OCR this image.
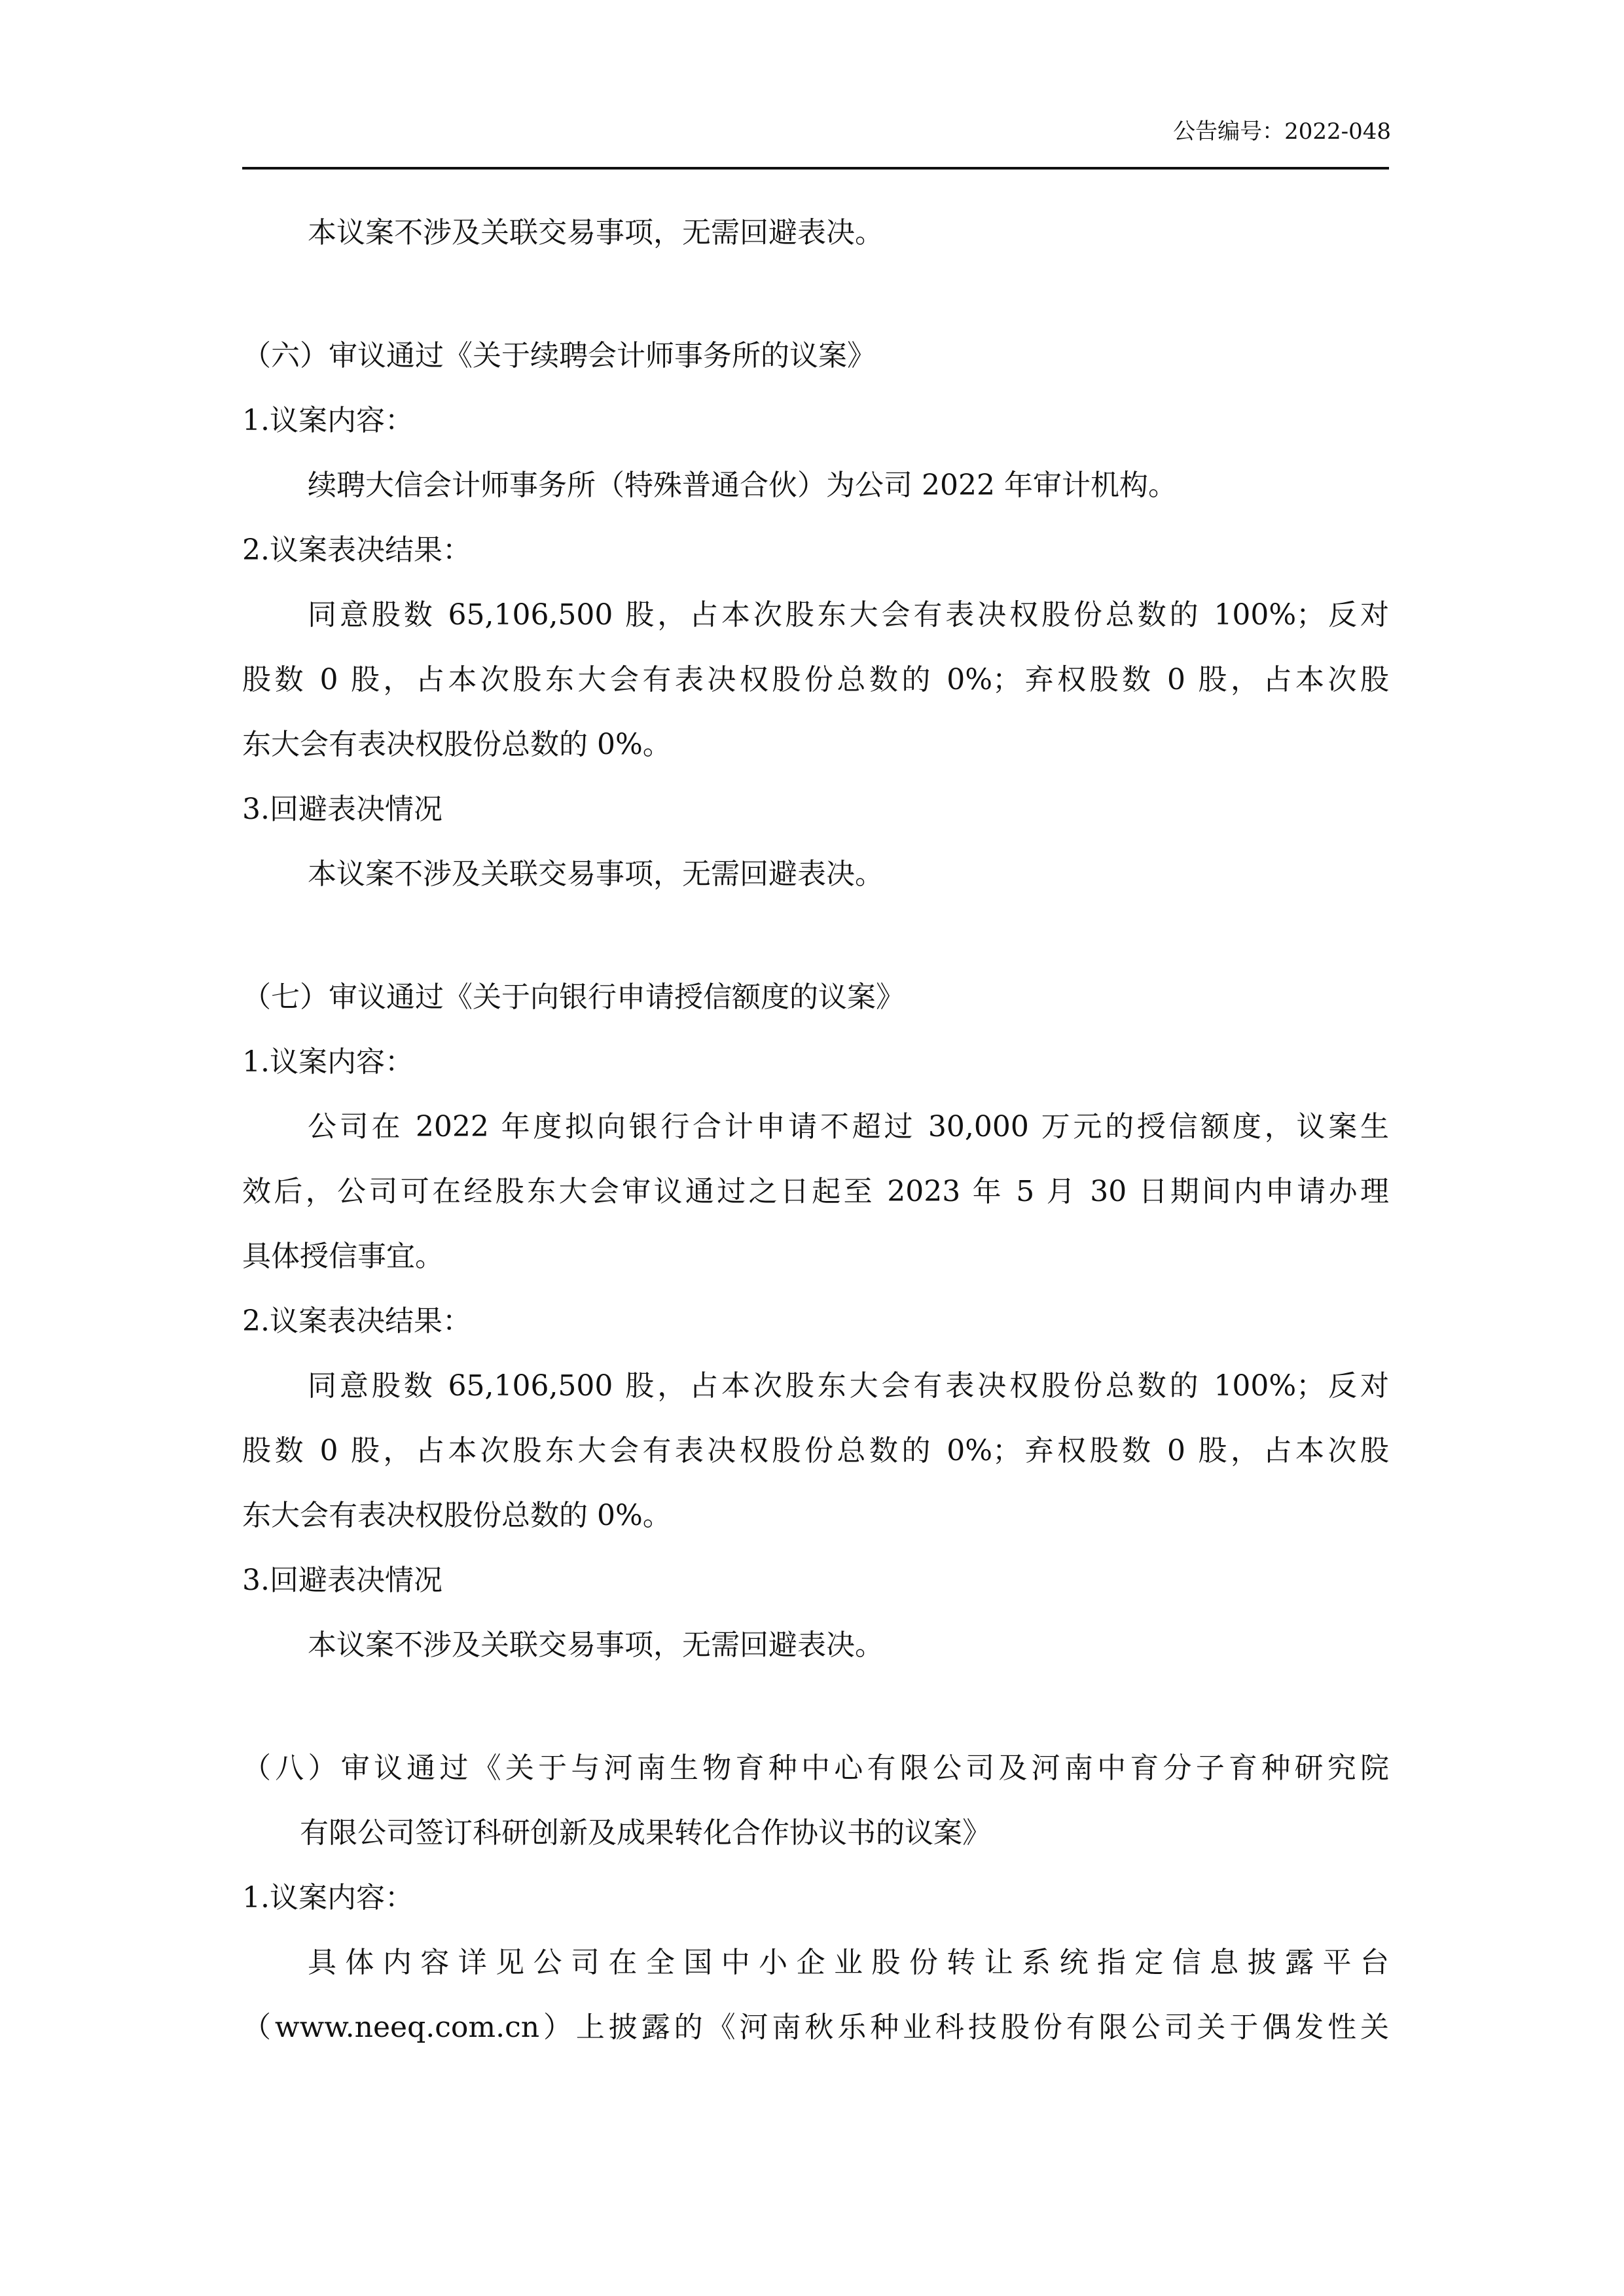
公告编号：2022-048
本议案不涉及关联交易事项，无需回避表决。
（六）审议通过《关于续聘会计师事务所的议案》
1.议案内容：
续聘大信会计师事务所（特殊普通合伙）为公司 2022 年审计机构。
2.议案表决结果：
同意股数 65,106,500 股，占本次股东大会有表决权股份总数的 100%；反对
股数 0 股，占本次股东大会有表决权股份总数的 0%；弃权股数 0 股，占本次股
东大会有表决权股份总数的 0%。
3.回避表决情况
本议案不涉及关联交易事项，无需回避表决。
（七）审议通过《关于向银行申请授信额度的议案》
1.议案内容：
公司在 2022 年度拟向银行合计申请不超过 30,000 万元的授信额度，议案生
效后，公司可在经股东大会审议通过之日起至 2023 年 5 月 30 日期间内申请办理
具体授信事宜。
2.议案表决结果：
同意股数 65,106,500 股，占本次股东大会有表决权股份总数的 100%；反对
股数 0 股，占本次股东大会有表决权股份总数的 0%；弃权股数 0 股，占本次股
东大会有表决权股份总数的 0%。
3.回避表决情况
本议案不涉及关联交易事项，无需回避表决。
（八）审议通过《关于与河南生物育种中心有限公司及河南中育分子育种研究院
有限公司签订科研创新及成果转化合作协议书的议案》
1.议案内容：
具体内容详见公司在全国中小企业股份转让系统指定信息披露平台
（www.neeq.com.cn）上披露的《河南秋乐种业科技股份有限公司关于偶发性关
